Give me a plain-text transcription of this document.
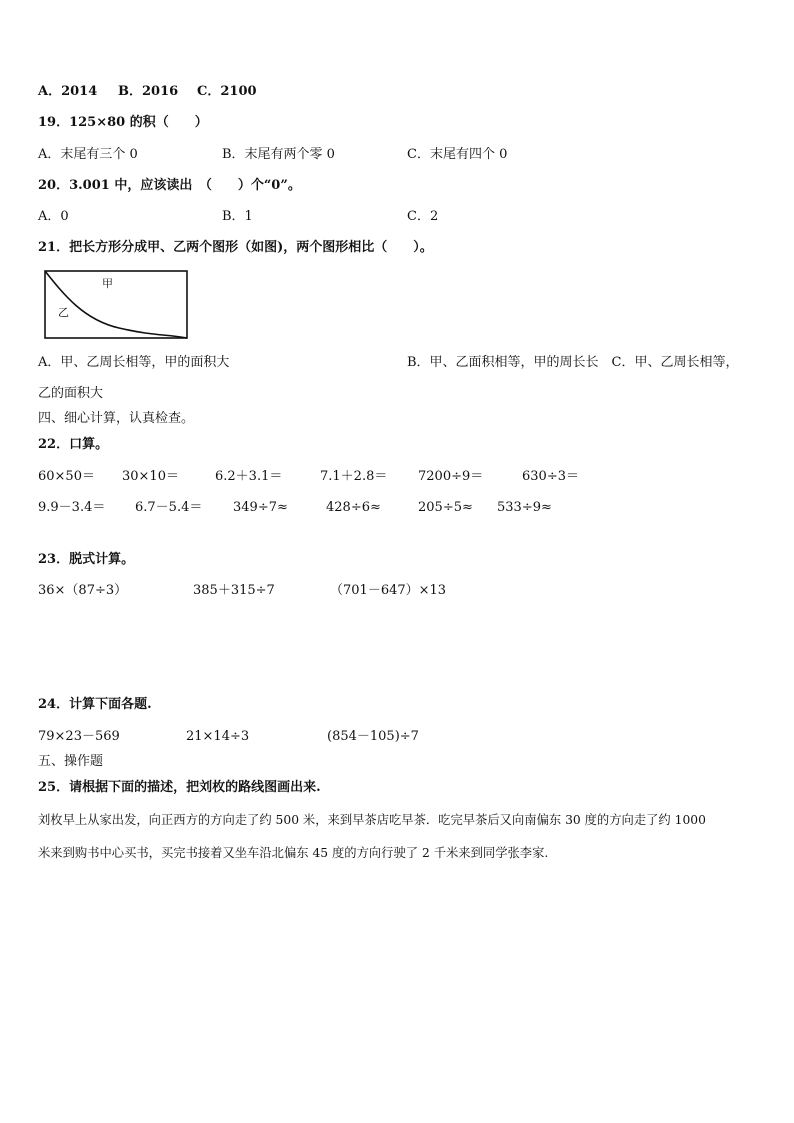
A．2014 B．2016 C．2100
19．125×80 的积（　　）
A．末尾有三个 0	B．末尾有两个零 0	C．末尾有四个 0
20．3.001 中，应该读出　（　　）个“0”。
A．0	B．1	C．2
21．把长方形分成甲、乙两个图形（如图)，两个图形相比（　　）。
甲
乙
A．甲、乙周长相等，甲的面积大	B．甲、乙面积相等，甲的周长长　C．甲、乙周长相等，
乙的面积大
四、细心计算，认真检查。
22．口算。
60×50＝ 30×10＝	6.2＋3.1＝	7.1＋2.8＝ 7200÷9＝	630÷3＝
9.9－3.4＝ 6.7－5.4＝ 349÷7≈	428÷6≈	205÷5≈ 533÷9≈
23．脱式计算。
36×（87÷3）	385＋315÷7	（701－647）×13
24．计算下面各题.
79×23－569	21×14÷3	(854－105)÷7
五、操作题
25．请根据下面的描述，把刘枚的路线图画出来.
刘枚早上从家出发，向正西方的方向走了约 500 米，来到早茶店吃早茶．吃完早茶后又向南偏东 30 度的方向走了约 1000
米来到购书中心买书，买完书接着又坐车沿北偏东 45 度的方向行驶了 2 千米来到同学张李家.
